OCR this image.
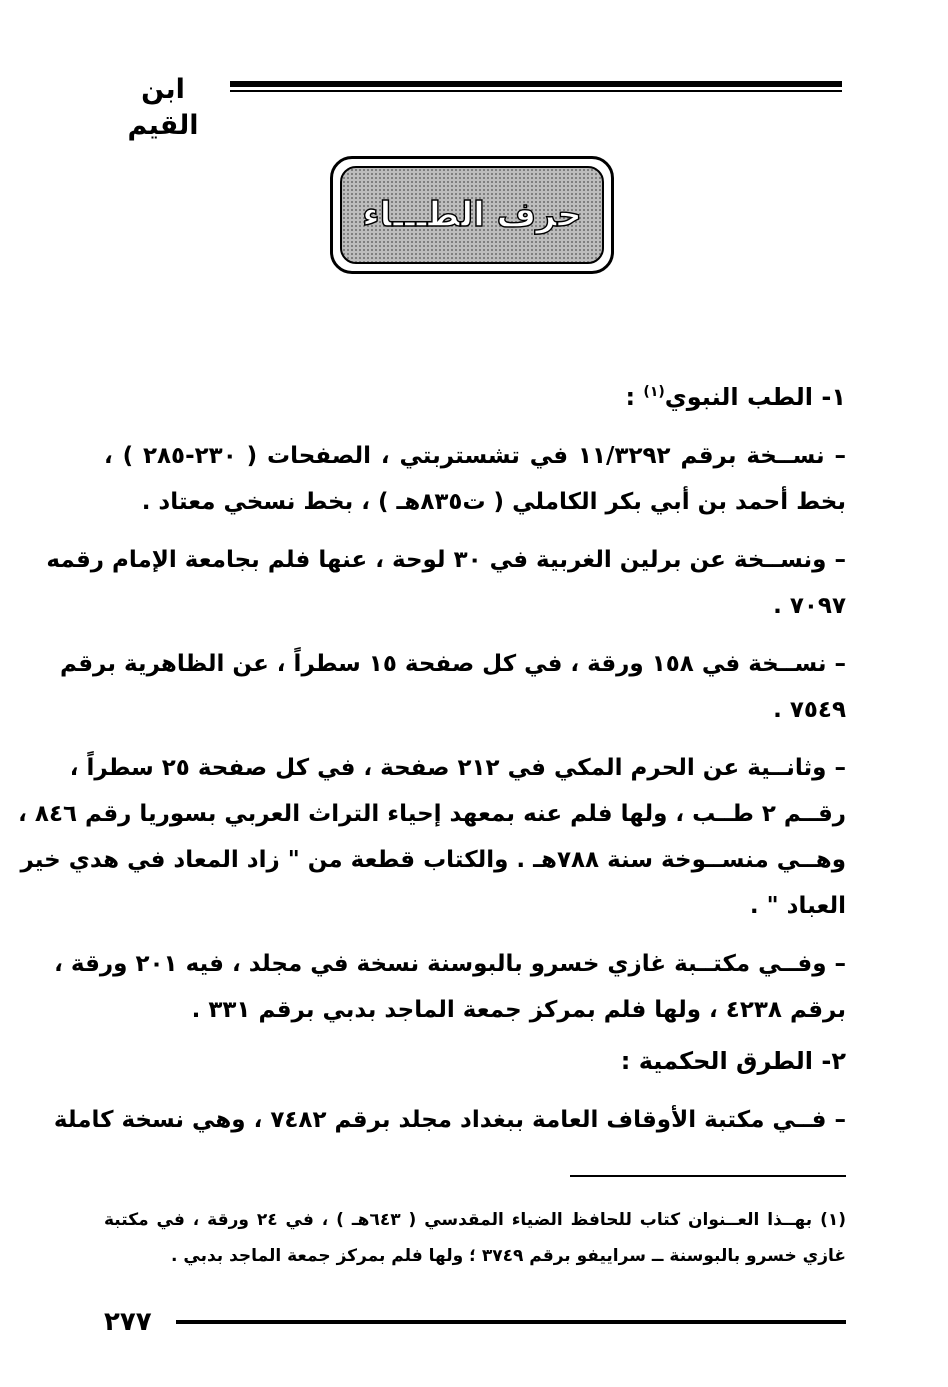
ابن القيم
حرف الطـــاء
١- الطب النبوي$^{(١)}$ :
– نســخة برقم ١١/٣٢٩٢ في تشستربتي ، الصفحات ( ٢٣٠-٢٨٥ ) ،
بخط أحمد بن أبي بكر الكاملي ( ت٨٣٥هـ ) ، بخط نسخي معتاد .
– ونســخة عن برلين الغربية في ٣٠ لوحة ، عنها فلم بجامعة الإمام رقمه
٧٠٩٧ .
– نســخة في ١٥٨ ورقة ، في كل صفحة ١٥ سطراً ، عن الظاهرية برقم
٧٥٤٩ .
– وثانــية عن الحرم المكي في ٢١٢ صفحة ، في كل صفحة ٢٥ سطراً ،
رقــم ٢ طــب ، ولها فلم عنه بمعهد إحياء التراث العربي بسوريا رقم ٨٤٦ ،
وهــي منســوخة سنة ٧٨٨هـ . والكتاب قطعة من " زاد المعاد في هدي خير
العباد " .
– وفــي مكتــبة غازي خسرو بالبوسنة نسخة في مجلد ، فيه ٢٠١ ورقة ،
برقم ٤٢٣٨ ، ولها فلم بمركز جمعة الماجد بدبي برقم ٣٣١ .
٢- الطرق الحكمية :
– فــي مكتبة الأوقاف العامة ببغداد مجلد برقم ٧٤٨٢ ، وهي نسخة كاملة
(١) بهــذا العــنوان كتاب للحافظ الضياء المقدسي ( ٦٤٣هـ ) ، في ٢٤ ورقة ، في مكتبة
غازي خسرو بالبوسنة ــ سراييفو برقم ٣٧٤٩ ؛ ولها فلم بمركز جمعة الماجد بدبي .
٢٧٧
